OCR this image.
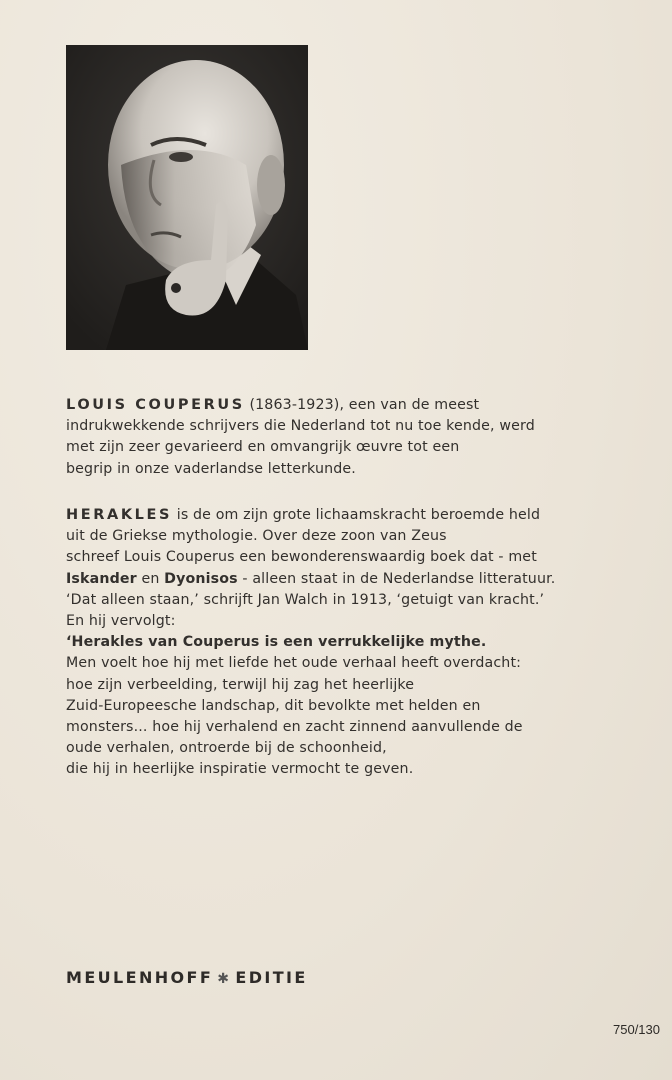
LOUIS COUPERUS (1863-1923), een van de meest
indrukwekkende schrijvers die Nederland tot nu toe kende, werd
met zijn zeer gevarieerd en omvangrijk œuvre tot een
begrip in onze vaderlandse letterkunde.
HERAKLES is de om zijn grote lichaamskracht beroemde held
uit de Griekse mythologie. Over deze zoon van Zeus
schreef Louis Couperus een bewonderenswaardig boek dat - met
Iskander en Dyonisos - alleen staat in de Nederlandse litteratuur.
‘Dat alleen staan,’ schrijft Jan Walch in 1913, ‘getuigt van kracht.’
En hij vervolgt:
‘Herakles van Couperus is een verrukkelijke mythe.
Men voelt hoe hij met liefde het oude verhaal heeft overdacht:
hoe zijn verbeelding, terwijl hij zag het heerlijke
Zuid-Europeesche landschap, dit bevolkte met helden en
monsters... hoe hij verhalend en zacht zinnend aanvullende de
oude verhalen, ontroerde bij de schoonheid,
die hij in heerlijke inspiratie vermocht te geven.
MEULENHOFF ✱ EDITIE
750/130
